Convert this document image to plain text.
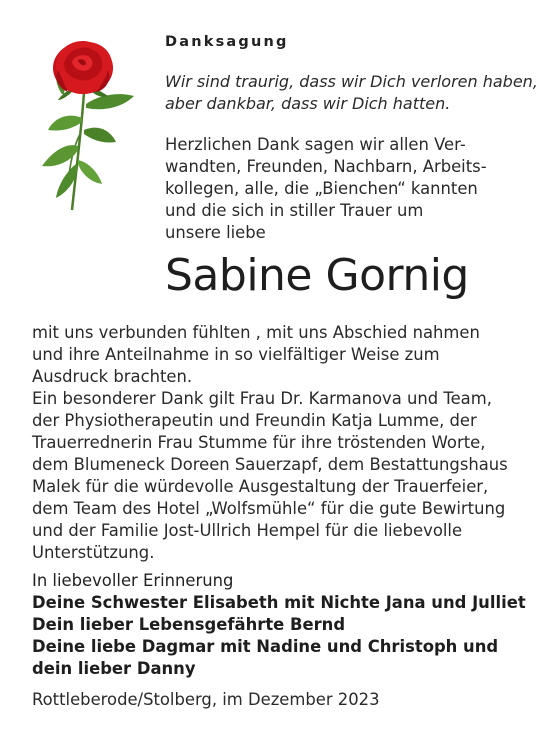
Danksagung
Wir sind traurig, dass wir Dich verloren haben,
aber dankbar, dass wir Dich hatten.
Herzlichen Dank sagen wir allen Ver-
wandten, Freunden, Nachbarn, Arbeits-
kollegen, alle, die „Bienchen“ kannten
und die sich in stiller Trauer um
unsere liebe
Sabine Gornig
mit uns verbunden fühlten , mit uns Abschied nahmen
und ihre Anteilnahme in so vielfältiger Weise zum
Ausdruck brachten.
Ein besonderer Dank gilt Frau Dr. Karmanova und Team,
der Physiotherapeutin und Freundin Katja Lumme, der
Trauerrednerin Frau Stumme für ihre tröstenden Worte,
dem Blumeneck Doreen Sauerzapf, dem Bestattungshaus
Malek für die würdevolle Ausgestaltung der Trauerfeier,
dem Team des Hotel „Wolfsmühle“ für die gute Bewirtung
und der Familie Jost-Ullrich Hempel für die liebevolle
Unterstützung.
In liebevoller Erinnerung
Deine Schwester Elisabeth mit Nichte Jana und Julliet
Dein lieber Lebensgefährte Bernd
Deine liebe Dagmar mit Nadine und Christoph und
dein lieber Danny
Rottleberode/Stolberg, im Dezember 2023
